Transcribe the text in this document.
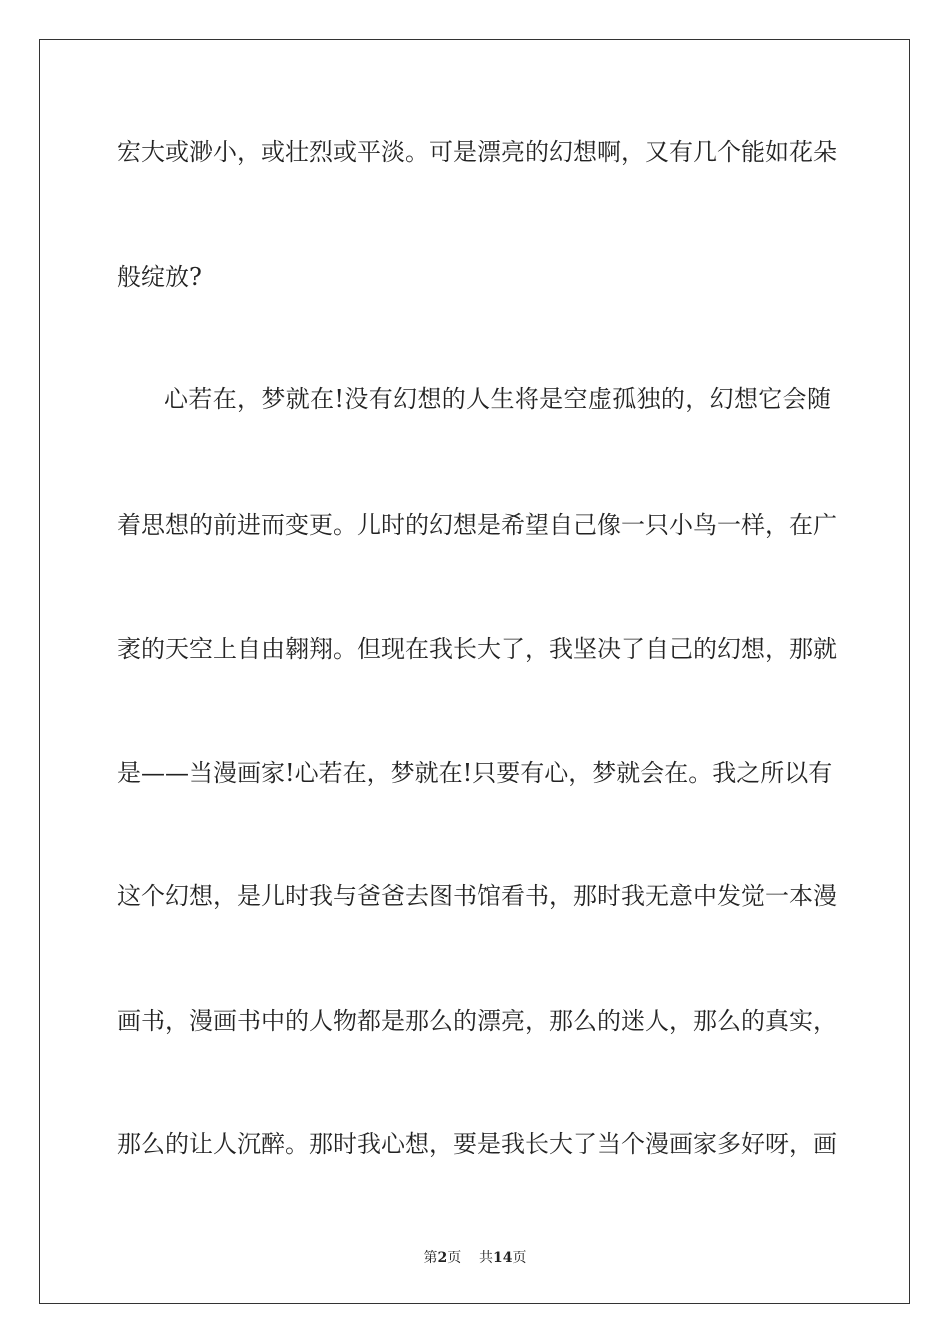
宏大或渺小，或壮烈或平淡。可是漂亮的幻想啊，又有几个能如花朵
般绽放?
心若在，梦就在!没有幻想的人生将是空虚孤独的，幻想它会随
着思想的前进而变更。儿时的幻想是希望自己像一只小鸟一样，在广
袤的天空上自由翱翔。但现在我长大了，我坚决了自己的幻想，那就
是——当漫画家!心若在，梦就在!只要有心，梦就会在。我之所以有
这个幻想，是儿时我与爸爸去图书馆看书，那时我无意中发觉一本漫
画书，漫画书中的人物都是那么的漂亮，那么的迷人，那么的真实，
那么的让人沉醉。那时我心想，要是我长大了当个漫画家多好呀，画
第2页 共14页
